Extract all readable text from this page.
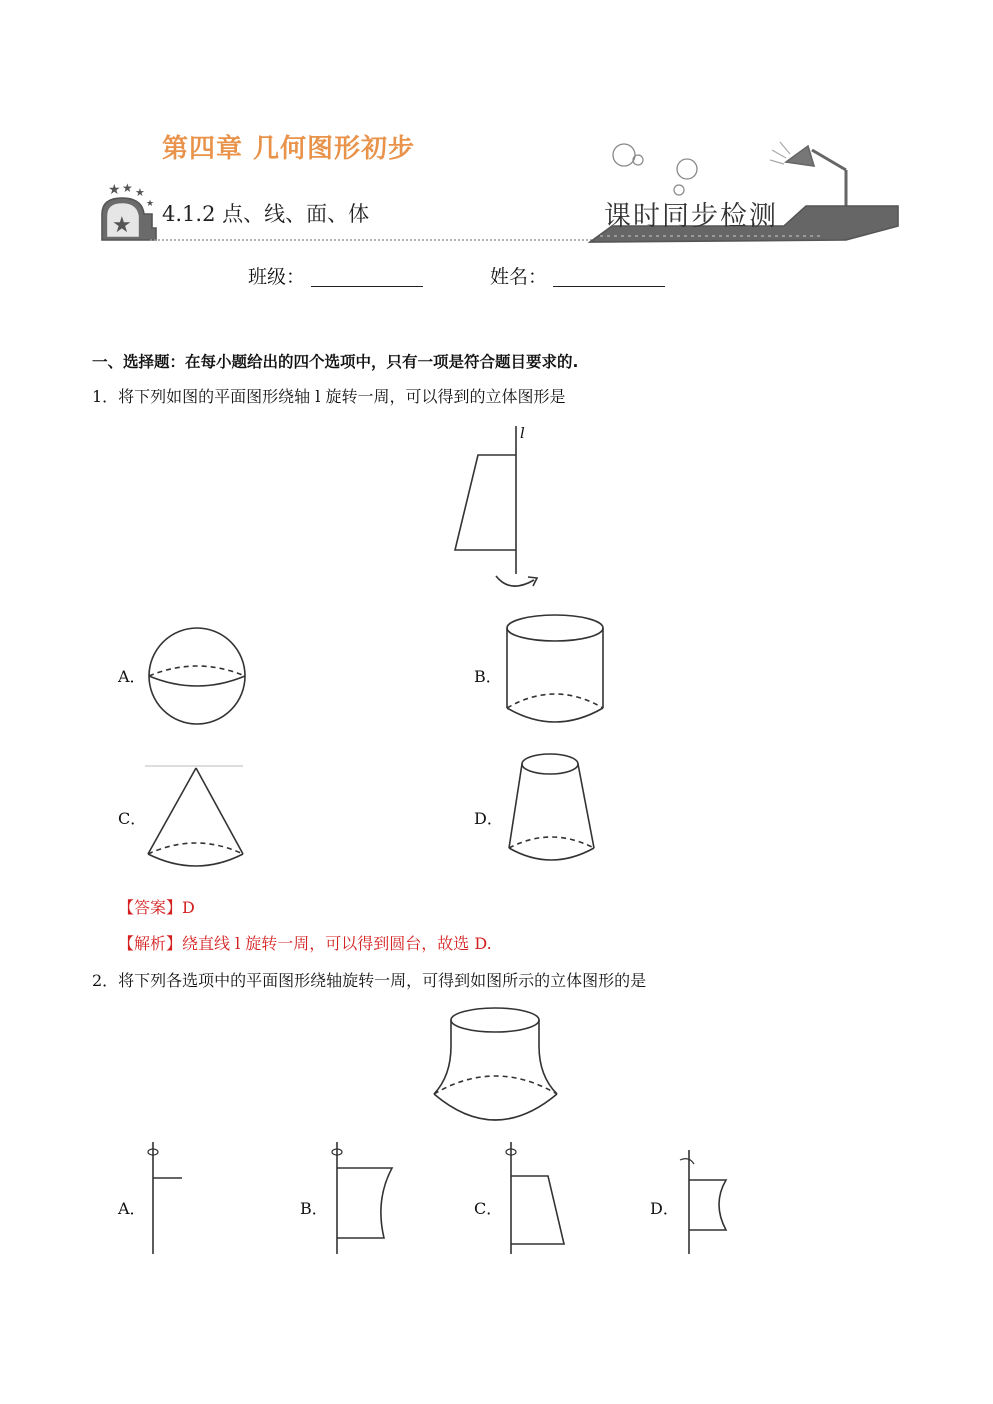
第四章 几何图形初步
★ ★ ★
★
★ 4.1.2 点、线、面、体	课时同步检测
班级：	姓名：
一、选择题：在每小题给出的四个选项中，只有一项是符合题目要求的.
1．将下列如图的平面图形绕轴 l 旋转一周，可以得到的立体图形是
l
A．	B．
C．	D．
【答案】D
【解析】绕直线 l 旋转一周，可以得到圆台，故选 D.
2．将下列各选项中的平面图形绕轴旋转一周，可得到如图所示的立体图形的是
A．	B．	C．	D．
